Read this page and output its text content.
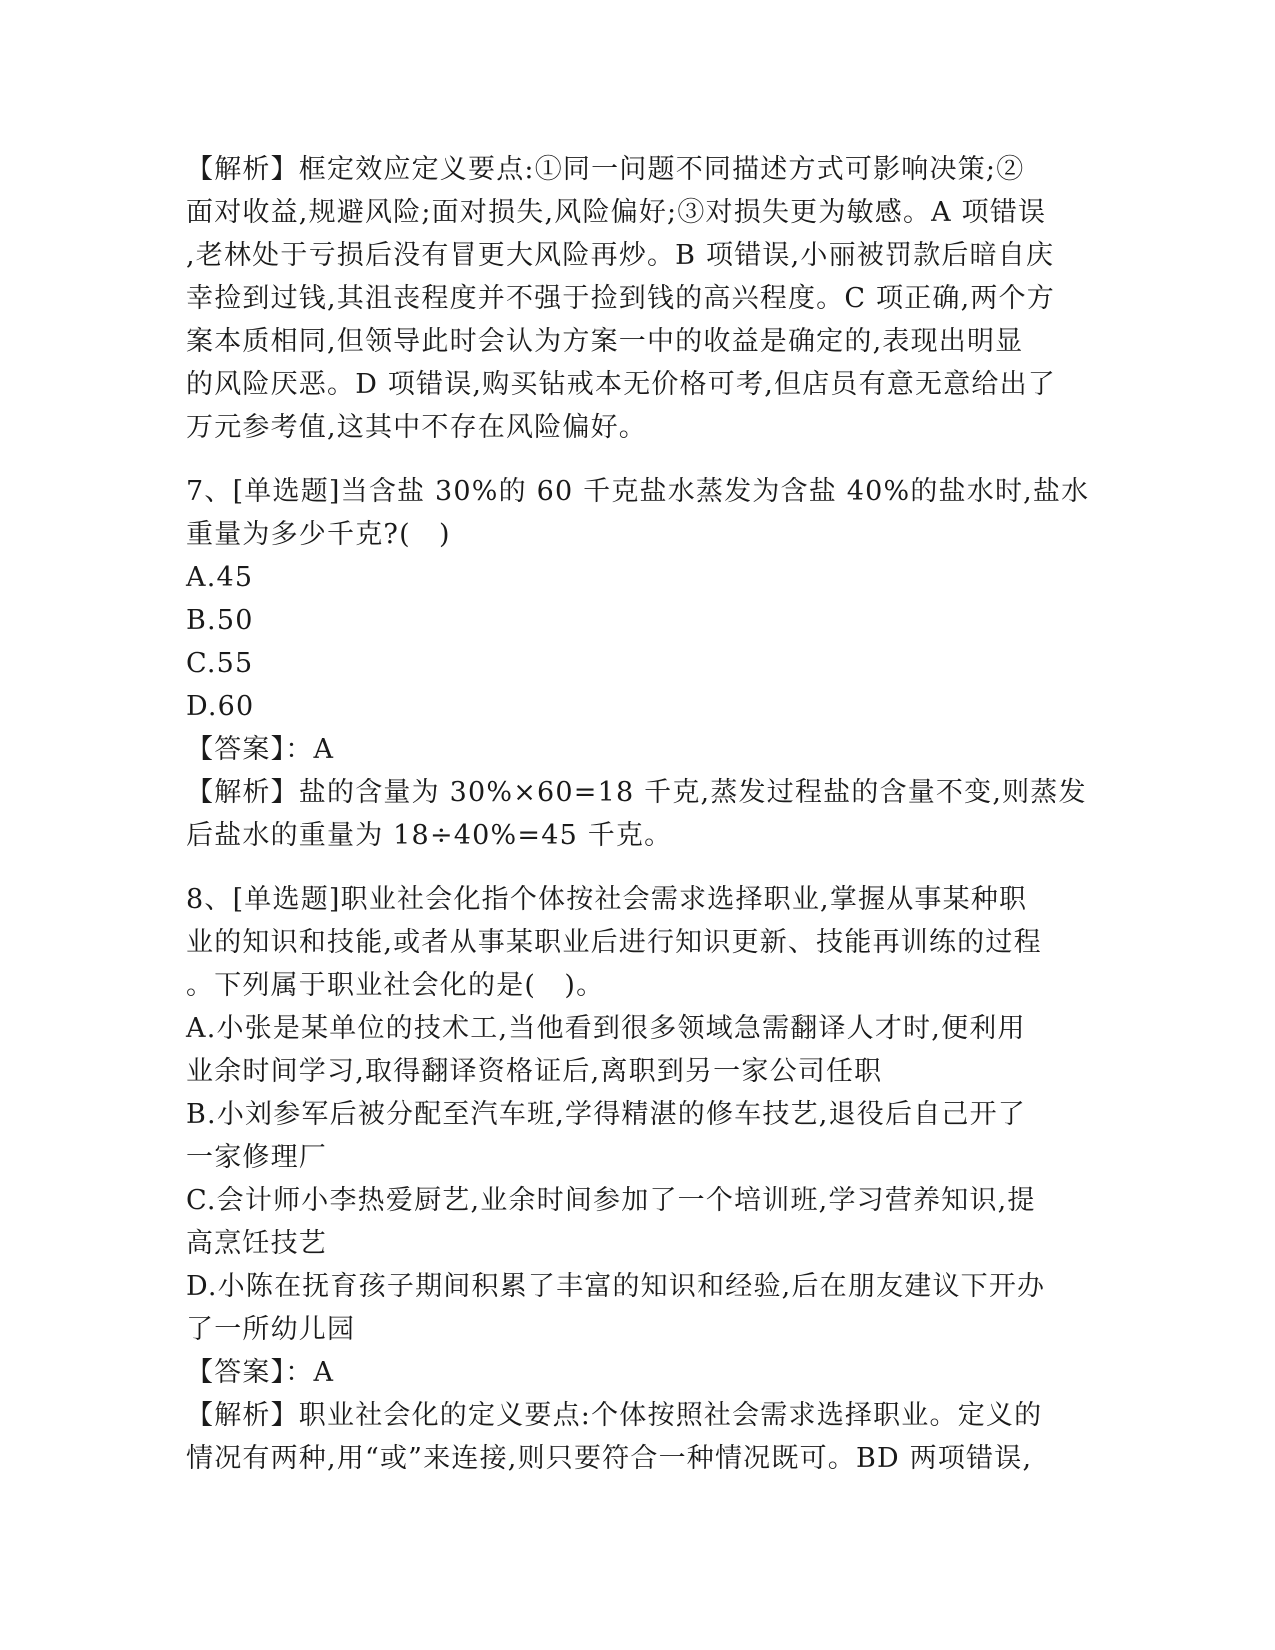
【解析】框定效应定义要点:①同一问题不同描述方式可影响决策;②
面对收益,规避风险;面对损失,风险偏好;③对损失更为敏感。A 项错误
,老林处于亏损后没有冒更大风险再炒。B 项错误,小丽被罚款后暗自庆
幸捡到过钱,其沮丧程度并不强于捡到钱的高兴程度。C 项正确,两个方
案本质相同,但领导此时会认为方案一中的收益是确定的,表现出明显
的风险厌恶。D 项错误,购买钻戒本无价格可考,但店员有意无意给出了
万元参考值,这其中不存在风险偏好。
7、[单选题]当含盐 30%的 60 千克盐水蒸发为含盐 40%的盐水时,盐水
重量为多少千克?(　)
A.45
B.50
C.55
D.60
【答案】：A
【解析】盐的含量为 30%×60=18 千克,蒸发过程盐的含量不变,则蒸发
后盐水的重量为 18÷40%=45 千克。
8、[单选题]职业社会化指个体按社会需求选择职业,掌握从事某种职
业的知识和技能,或者从事某职业后进行知识更新、技能再训练的过程
。下列属于职业社会化的是(　)。
A.小张是某单位的技术工,当他看到很多领域急需翻译人才时,便利用
业余时间学习,取得翻译资格证后,离职到另一家公司任职
B.小刘参军后被分配至汽车班,学得精湛的修车技艺,退役后自己开了
一家修理厂
C.会计师小李热爱厨艺,业余时间参加了一个培训班,学习营养知识,提
高烹饪技艺
D.小陈在抚育孩子期间积累了丰富的知识和经验,后在朋友建议下开办
了一所幼儿园
【答案】：A
【解析】职业社会化的定义要点:个体按照社会需求选择职业。定义的
情况有两种,用“或”来连接,则只要符合一种情况既可。BD 两项错误,
